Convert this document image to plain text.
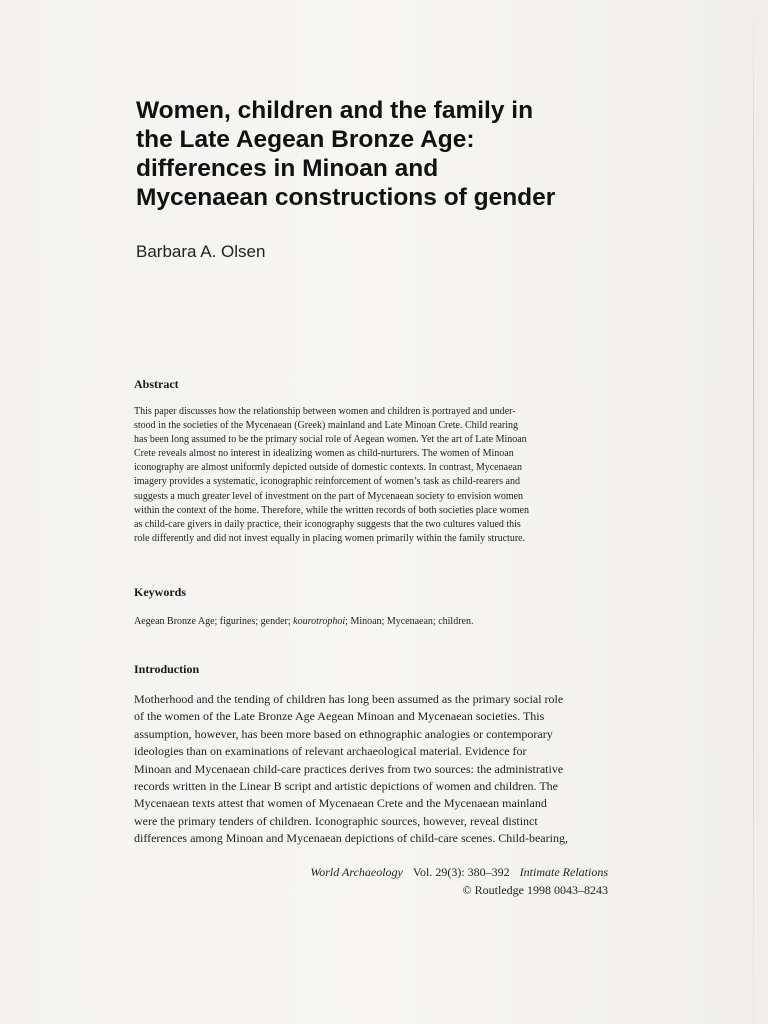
Women, children and the family in
the Late Aegean Bronze Age:
differences in Minoan and
Mycenaean constructions of gender

Barbara A. Olsen

Abstract
This paper discusses how the relationship between women and children is portrayed and under-
stood in the societies of the Mycenaean (Greek) mainland and Late Minoan Crete. Child rearing
has been long assumed to be the primary social role of Aegean women. Yet the art of Late Minoan
Crete reveals almost no interest in idealizing women as child-nurturers. The women of Minoan
iconography are almost uniformly depicted outside of domestic contexts. In contrast, Mycenaean
imagery provides a systematic, iconographic reinforcement of women’s task as child-rearers and
suggests a much greater level of investment on the part of Mycenaean society to envision women
within the context of the home. Therefore, while the written records of both societies place women
as child-care givers in daily practice, their iconography suggests that the two cultures valued this
role differently and did not invest equally in placing women primarily within the family structure.
Keywords
Aegean Bronze Age; figurines; gender; kourotrophoi; Minoan; Mycenaean; children.
Introduction
Motherhood and the tending of children has long been assumed as the primary social role
of the women of the Late Bronze Age Aegean Minoan and Mycenaean societies. This
assumption, however, has been more based on ethnographic analogies or contemporary
ideologies than on examinations of relevant archaeological material. Evidence for
Minoan and Mycenaean child-care practices derives from two sources: the administrative
records written in the Linear B script and artistic depictions of women and children. The
Mycenaean texts attest that women of Mycenaean Crete and the Mycenaean mainland
were the primary tenders of children. Iconographic sources, however, reveal distinct
differences among Minoan and Mycenaean depictions of child-care scenes. Child-bearing,
World Archaeology Vol. 29(3): 380–392 Intimate Relations
© Routledge 1998 0043–8243
